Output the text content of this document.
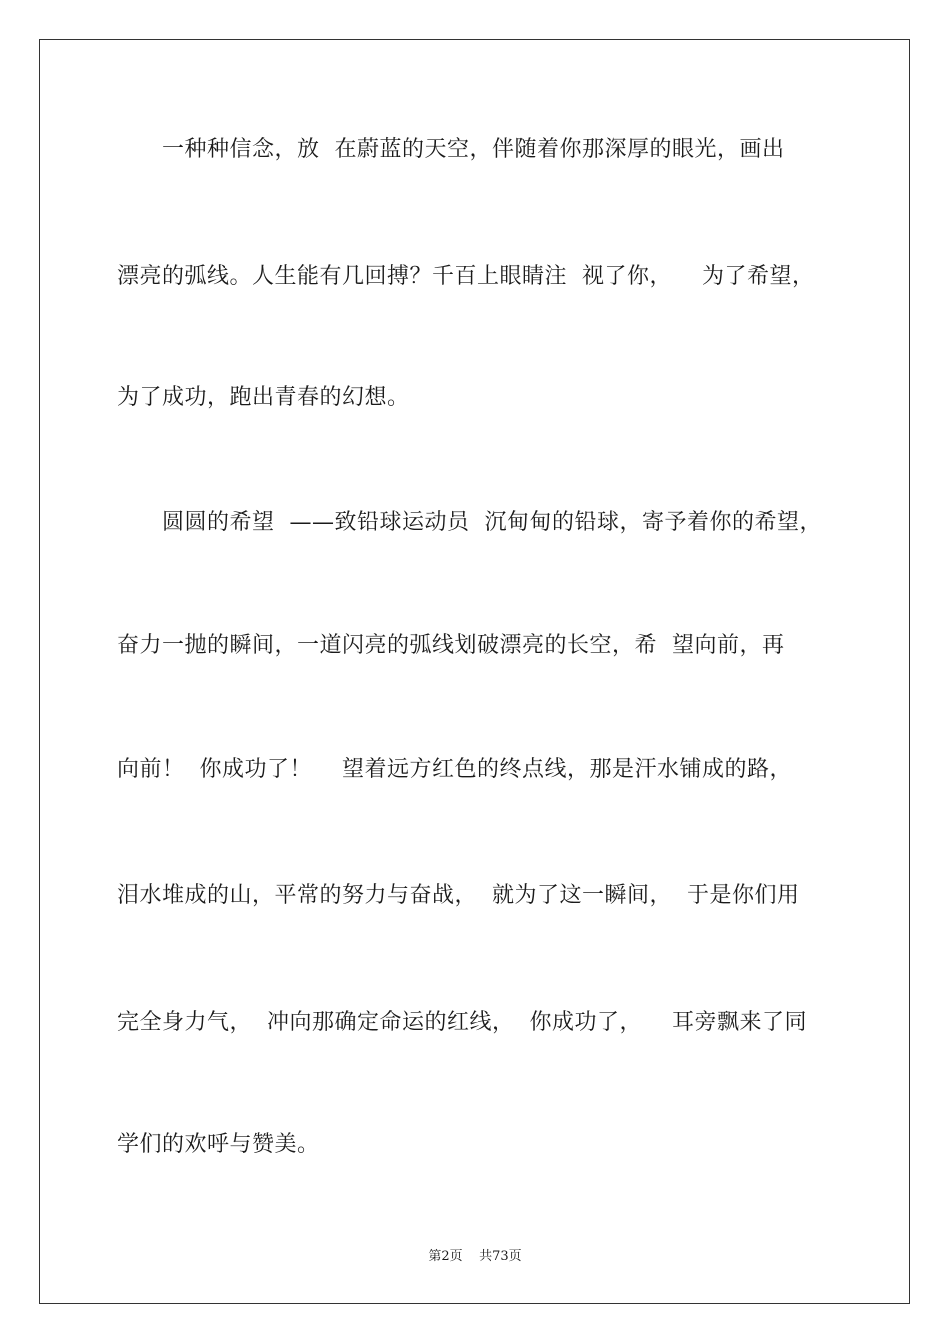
　　一种种信念，放  在蔚蓝的天空，伴随着你那深厚的眼光，画出
漂亮的弧线。人生能有几回搏？千百上眼睛注  视了你，    为了希望，
为了成功，跑出青春的幻想。
　　圆圆的希望  ——致铅球运动员  沉甸甸的铅球，寄予着你的希望，
奋力一抛的瞬间，一道闪亮的弧线划破漂亮的长空，希  望向前，再
向前！  你成功了！    望着远方红色的终点线，那是汗水铺成的路，
泪水堆成的山，平常的努力与奋战，  就为了这一瞬间，  于是你们用
完全身力气，  冲向那确定命运的红线，  你成功了，    耳旁飘来了同
学们的欢呼与赞美。
第2页    共73页
